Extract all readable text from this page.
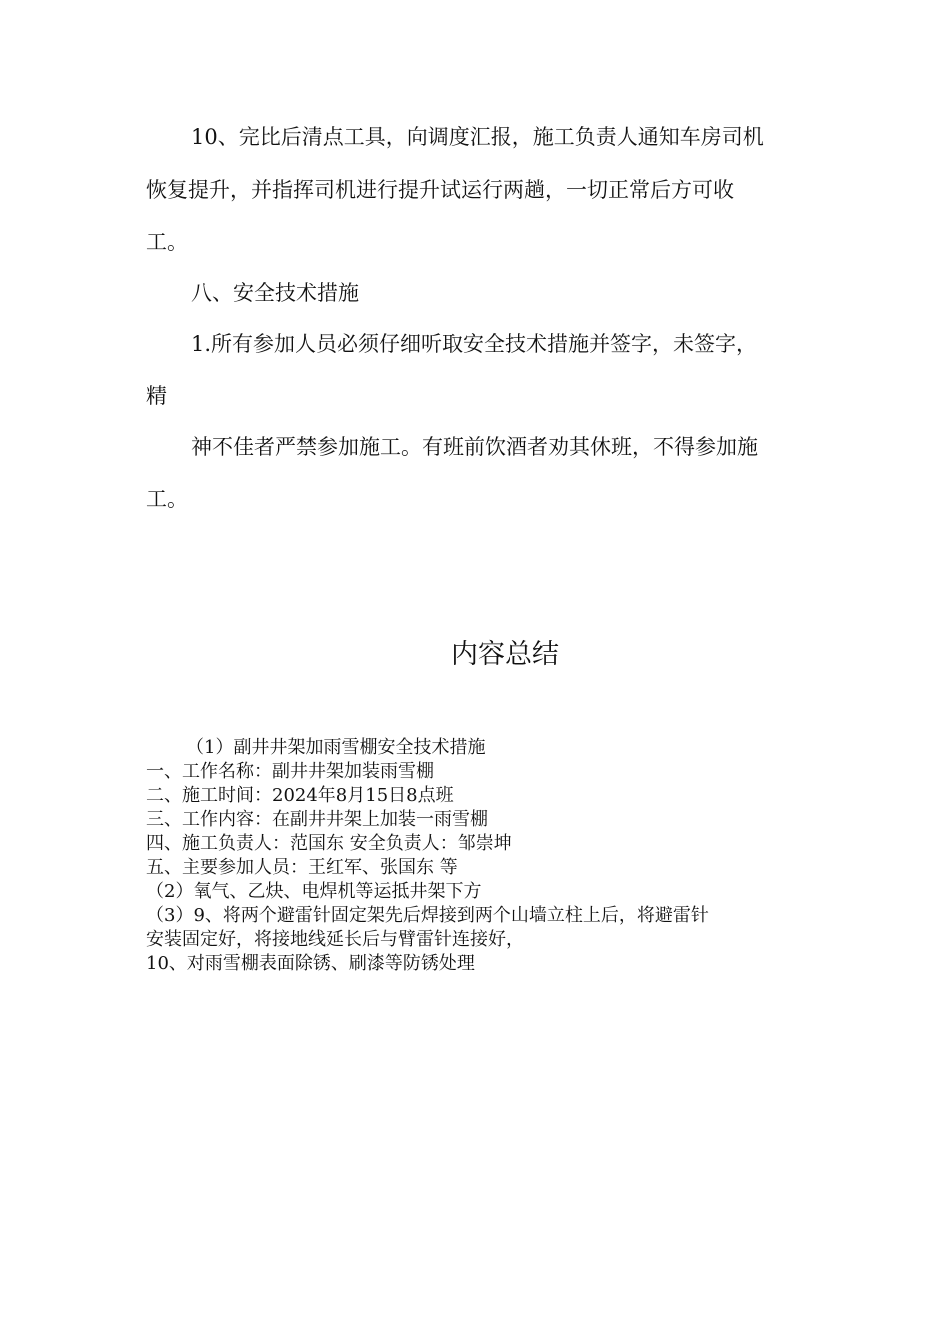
10、完比后清点工具，向调度汇报，施工负责人通知车房司机
恢复提升，并指挥司机进行提升试运行两趟，一切正常后方可收
工。
八、安全技术措施
1.所有参加人员必须仔细听取安全技术措施并签字，未签字，
精
神不佳者严禁参加施工。有班前饮酒者劝其休班，不得参加施
工。
内容总结
（1）副井井架加雨雪棚安全技术措施
一、工作名称：副井井架加装雨雪棚
二、施工时间：2024年8月15日8点班
三、工作内容：在副井井架上加装一雨雪棚
四、施工负责人：范国东 安全负责人：邹崇坤
五、主要参加人员：王红军、张国东 等
（2）氧气、乙炔、电焊机等运抵井架下方
（3）9、将两个避雷针固定架先后焊接到两个山墙立柱上后，将避雷针
安装固定好，将接地线延长后与臂雷针连接好，
10、对雨雪棚表面除锈、刷漆等防锈处理
